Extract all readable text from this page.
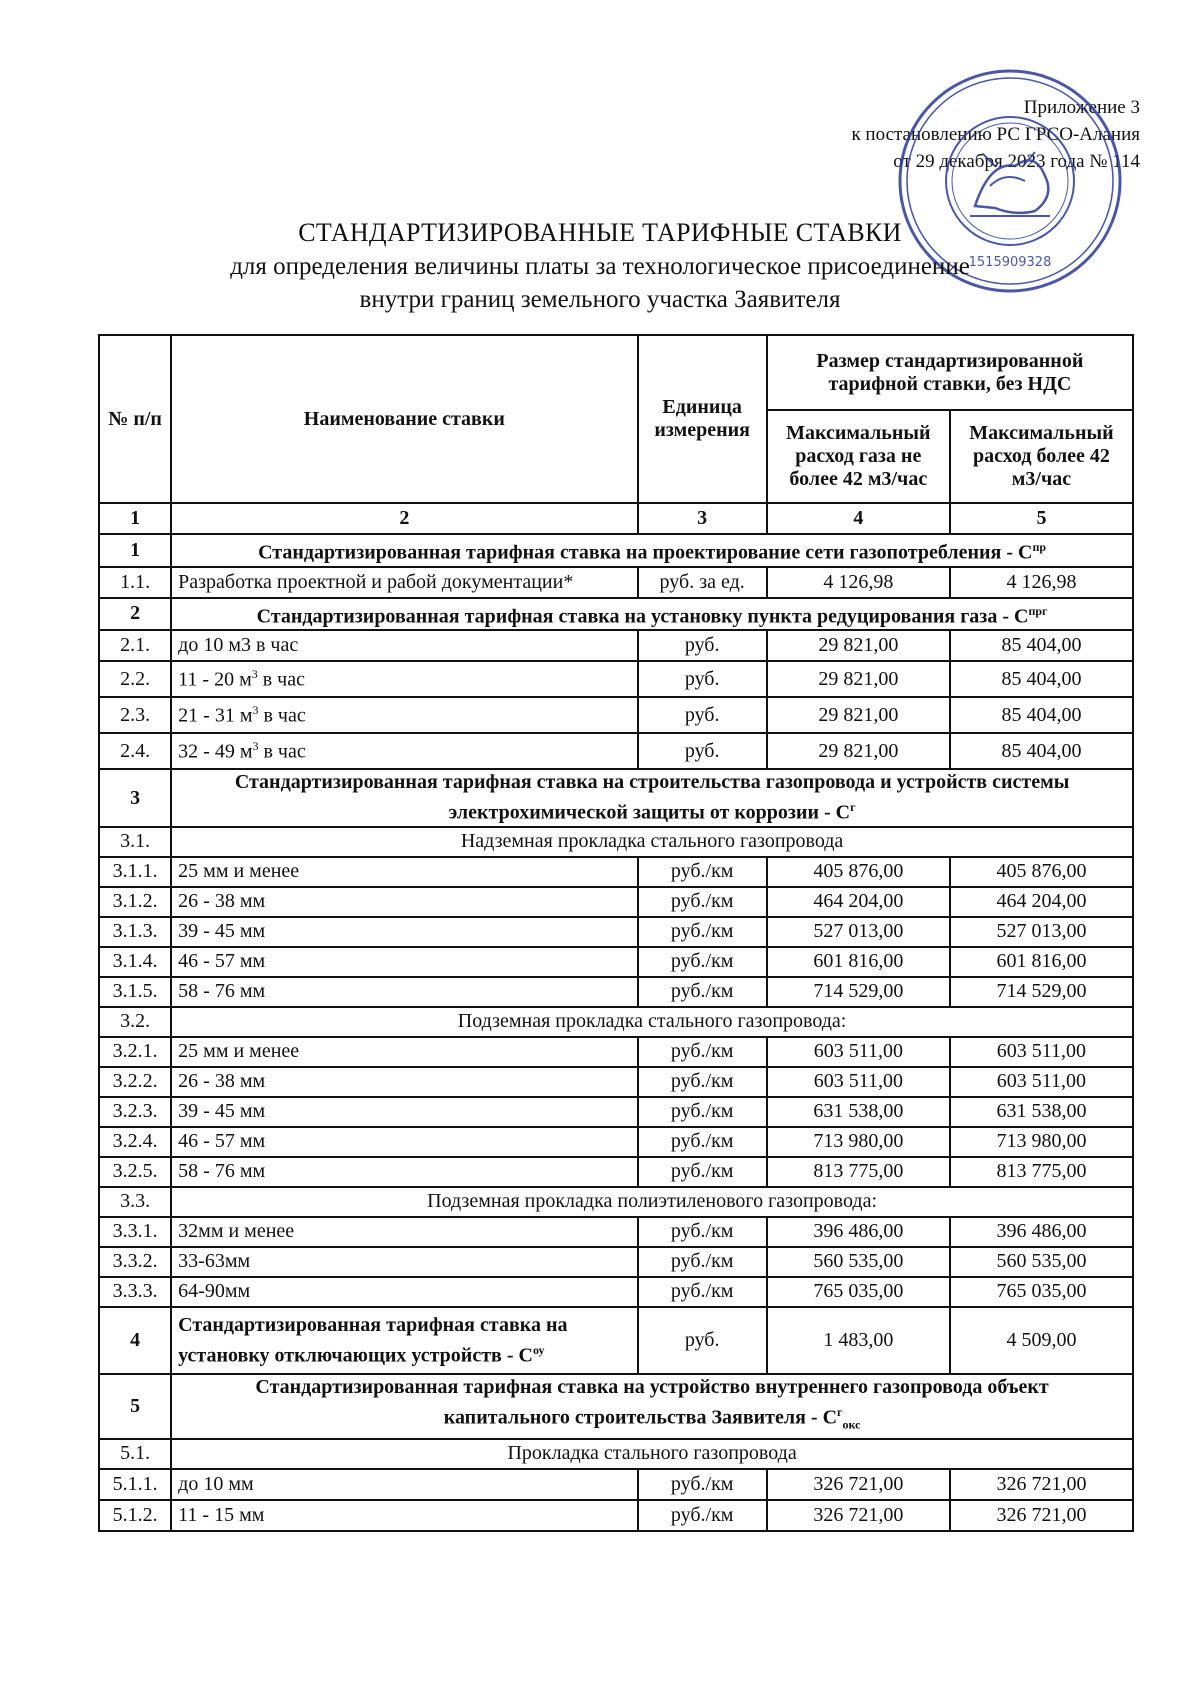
Приложение 3
к постановлению РС ГРСО-Алания
от 29 декабря 2023 года № 114
1515909328
СТАНДАРТИЗИРОВАННЫЕ ТАРИФНЫЕ СТАВКИ
для определения величины платы за технологическое присоединение
внутри границ земельного участка Заявителя
№ п/п	Наименование ставки	Единица измерения	Размер стандартизированной тарифной ставки, без НДС	
			Максимальный расход газа не более 42 м3/час	Максимальный расход более 42 м3/час
1	2	3	4	5
1	Стандартизированная тарифная ставка на проектирование сети газопотребления - $С^{пр}$
1.1.	Разработка проектной и рабой документации*	руб. за ед.	4 126,98	4 126,98
2	Стандартизированная тарифная ставка на установку пункта редуцирования газа - $С^{прг}$
2.1.	до 10 м3 в час	руб.	29 821,00	85 404,00
2.2.	11 - 20 $м^3$ в час	руб.	29 821,00	85 404,00
2.3.	21 - 31 $м^3$ в час	руб.	29 821,00	85 404,00
2.4.	32 - 49 $м^3$ в час	руб.	29 821,00	85 404,00
3	Стандартизированная тарифная ставка на строительства газопровода и устройств системы
электрохимической защиты от коррозии - $С^г$

3.1.	Надземная прокладка стального газопровода			
3.1.1.	25 мм и менее	руб./км	405 876,00	405 876,00
3.1.2.	26 - 38 мм	руб./км	464 204,00	464 204,00
3.1.3.	39 - 45 мм	руб./км	527 013,00	527 013,00
3.1.4.	46 - 57 мм	руб./км	601 816,00	601 816,00
3.1.5.	58 - 76 мм	руб./км	714 529,00	714 529,00
3.2.	Подземная прокладка стального газопровода:			
3.2.1.	25 мм и менее	руб./км	603 511,00	603 511,00
3.2.2.	26 - 38 мм	руб./км	603 511,00	603 511,00
3.2.3.	39 - 45 мм	руб./км	631 538,00	631 538,00
3.2.4.	46 - 57 мм	руб./км	713 980,00	713 980,00
3.2.5.	58 - 76 мм	руб./км	813 775,00	813 775,00
3.3.	Подземная прокладка полиэтиленового газопровода:			
3.3.1.	32мм и менее	руб./км	396 486,00	396 486,00
3.3.2.	33-63мм	руб./км	560 535,00	560 535,00
3.3.3.	64-90мм	руб./км	765 035,00	765 035,00
4	Стандартизированная тарифная ставка на
установку отключающих устройств - $С^{оу}$	руб.	1 483,00	4 509,00
5	Стандартизированная тарифная ставка на устройство внутреннего газопровода объект
капитального строительства Заявителя - $С^г_{окс}$

5.1.	Прокладка стального газопровода			
5.1.1.	до 10 мм	руб./км	326 721,00	326 721,00
5.1.2.	11 - 15 мм	руб./км	326 721,00	326 721,00
